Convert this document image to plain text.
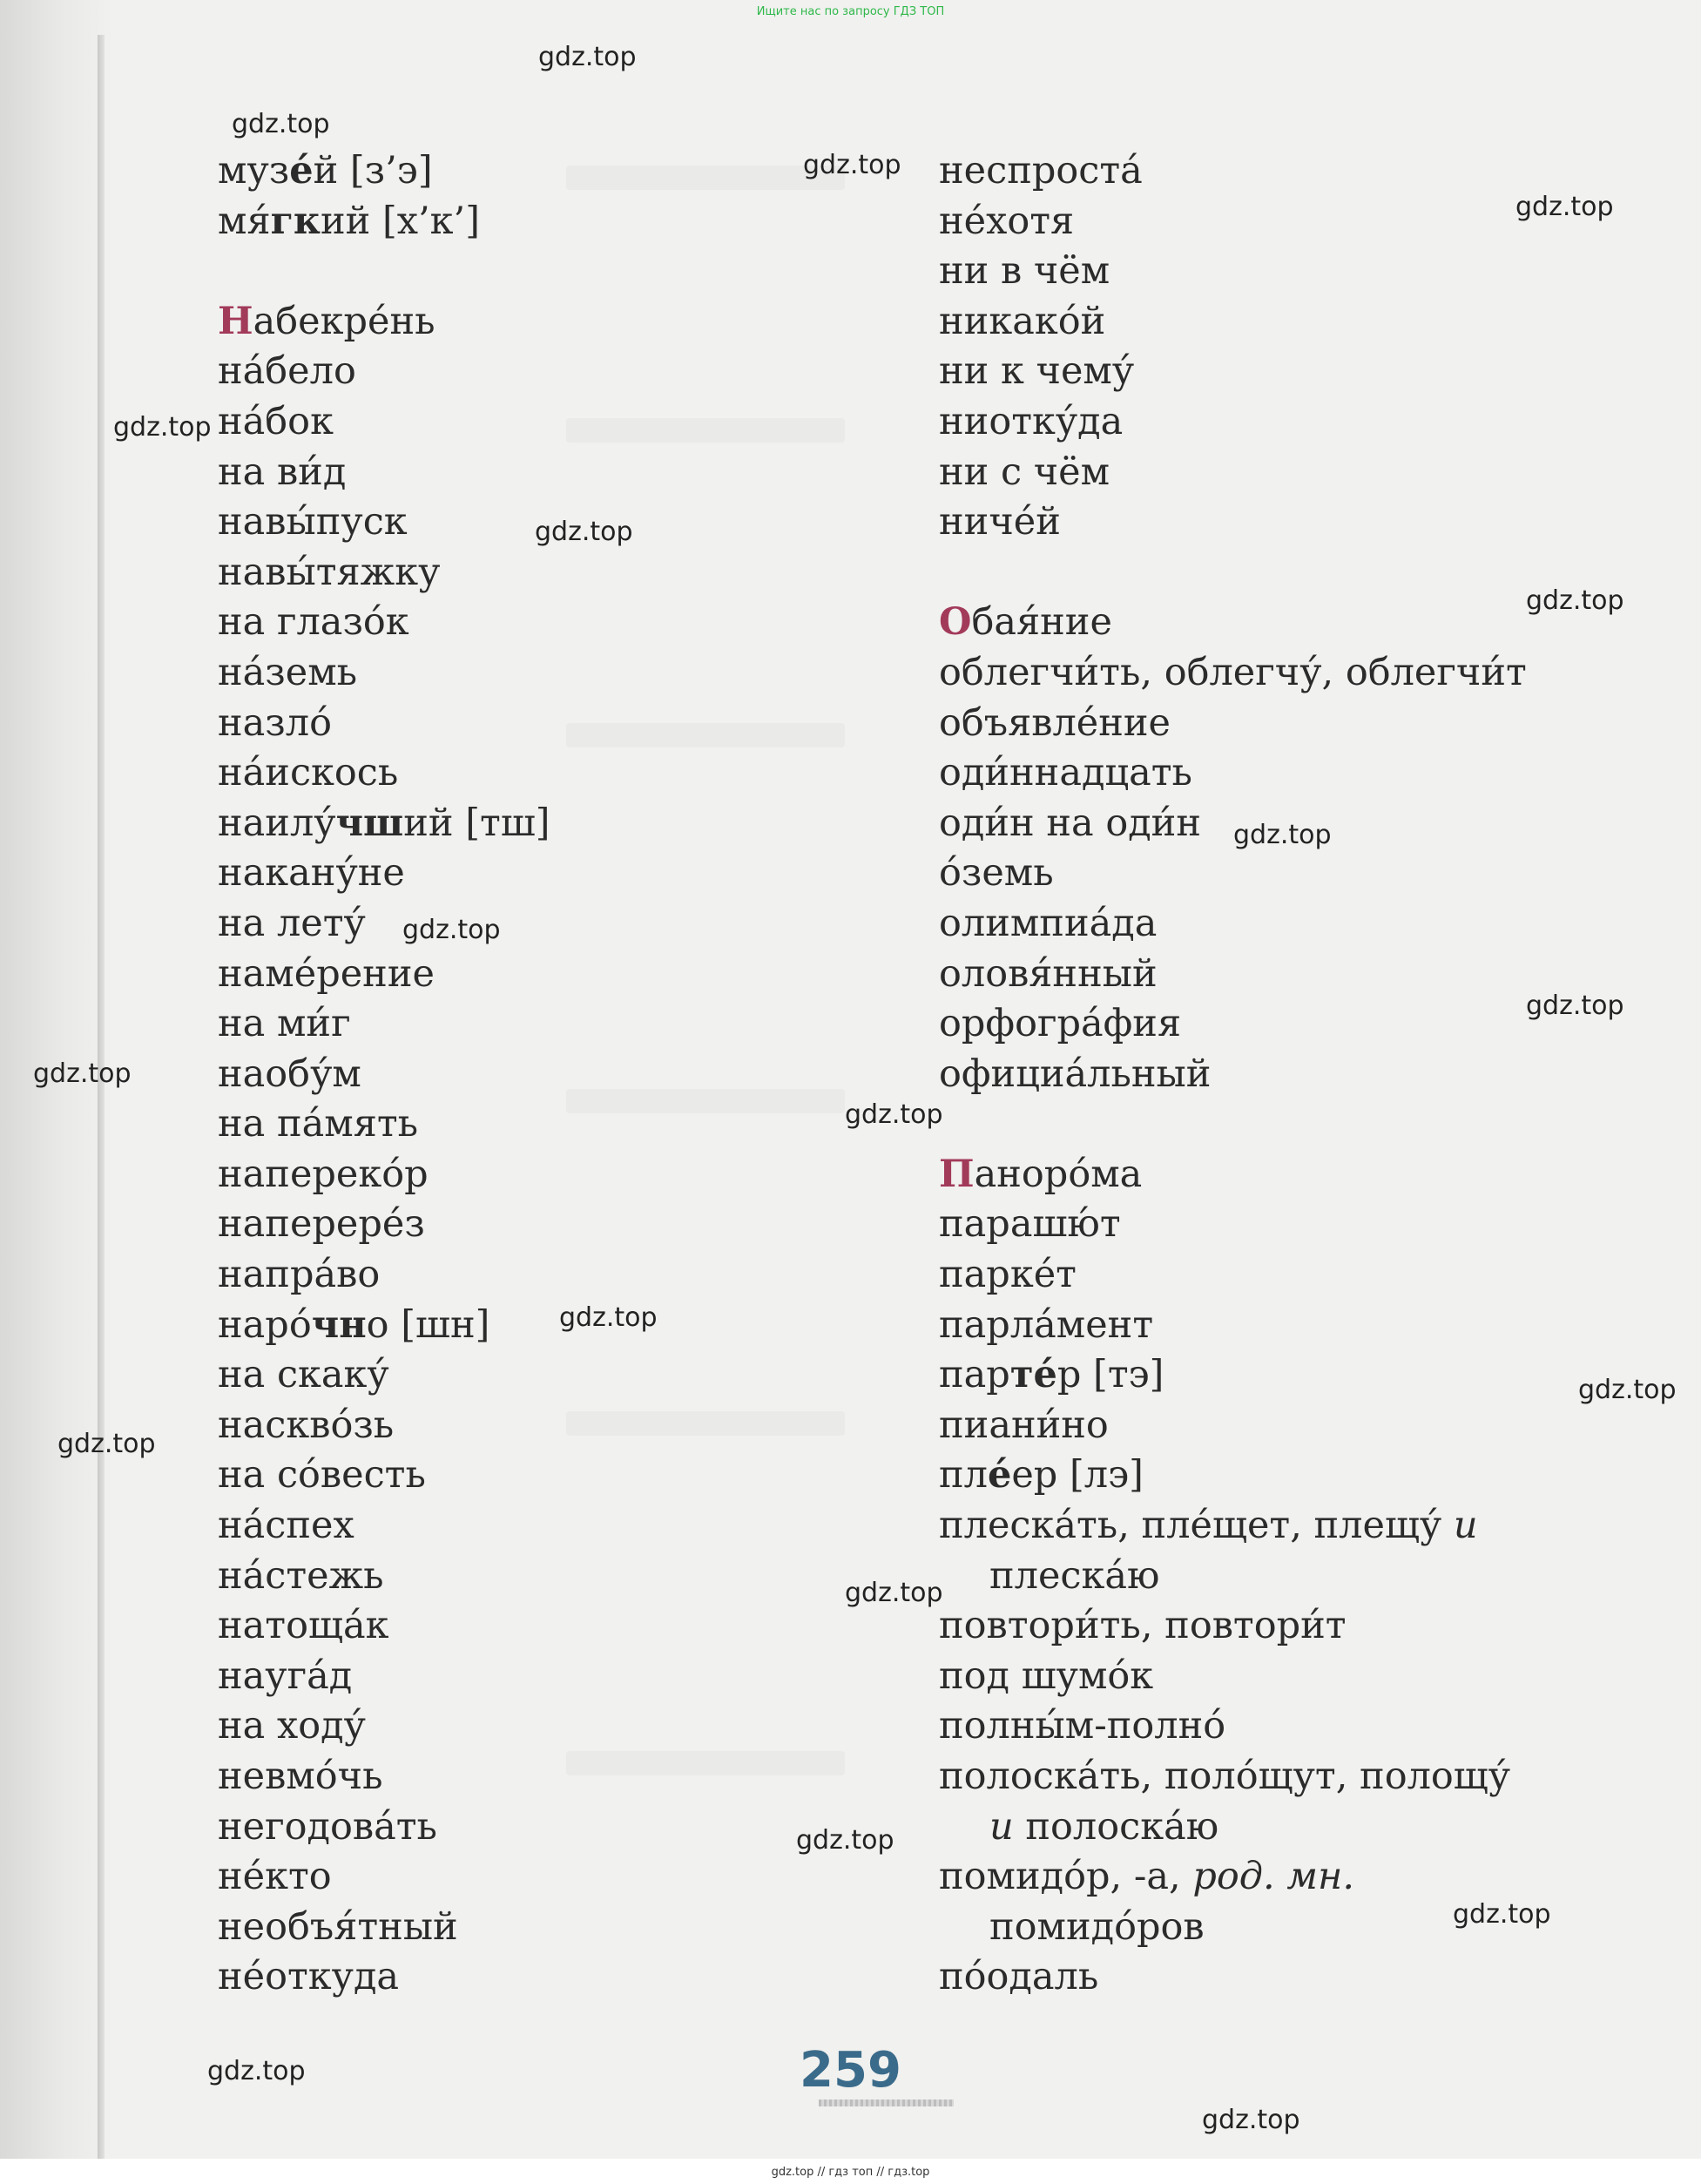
Ищите нас по запросу ГДЗ ТОП
музе́й [з’э]
мя́гкий [х’к’]
Набекре́нь
на́бело
на́бок
на ви́д
навы́пуск
навы́тяжку
на глазо́к
на́земь
назло́
на́искось
наилу́чший [тш]
накану́не
на лету́
наме́рение
на ми́г
наобу́м
на па́мять
наперекóр
наперере́з
напра́во
наро́чно [шн]
на скаку́
насквóзь
на сóвесть
на́спех
на́стежь
натоща́к
науга́д
на ходу́
невмóчь
негодова́ть
не́кто
необъя́тный
не́откуда
неспроста́
не́хотя
ни в чём
никакóй
ни к чему́
ниотку́да
ни с чём
ниче́й
Обая́ние
облегчи́ть, облегчу́, облегчи́т
объявле́ние
оди́ннадцать
оди́н на оди́н
óземь
олимпиа́да
оловя́нный
орфогра́фия
официа́льный
Паноро́ма
парашю́т
парке́т
парла́мент
парте́р [тэ]
пиани́но
пле́ер [лэ]
плеска́ть, пле́щет, плещу́ и
плеска́ю
повтори́ть, повтори́т
под шумóк
полны́м-полнó
полоска́ть, полóщут, полощу́
и полоска́ю
помидóр, -а, род. мн.
помидóров
пóодаль
gdz.top
gdz.top
gdz.top
gdz.top
gdz.top
gdz.top
gdz.top
gdz.top
gdz.top
gdz.top
gdz.top
gdz.top
gdz.top
gdz.top
gdz.top
gdz.top
gdz.top
gdz.top
gdz.top
gdz.top
259
gdz.top // гдз топ // гдз.top
